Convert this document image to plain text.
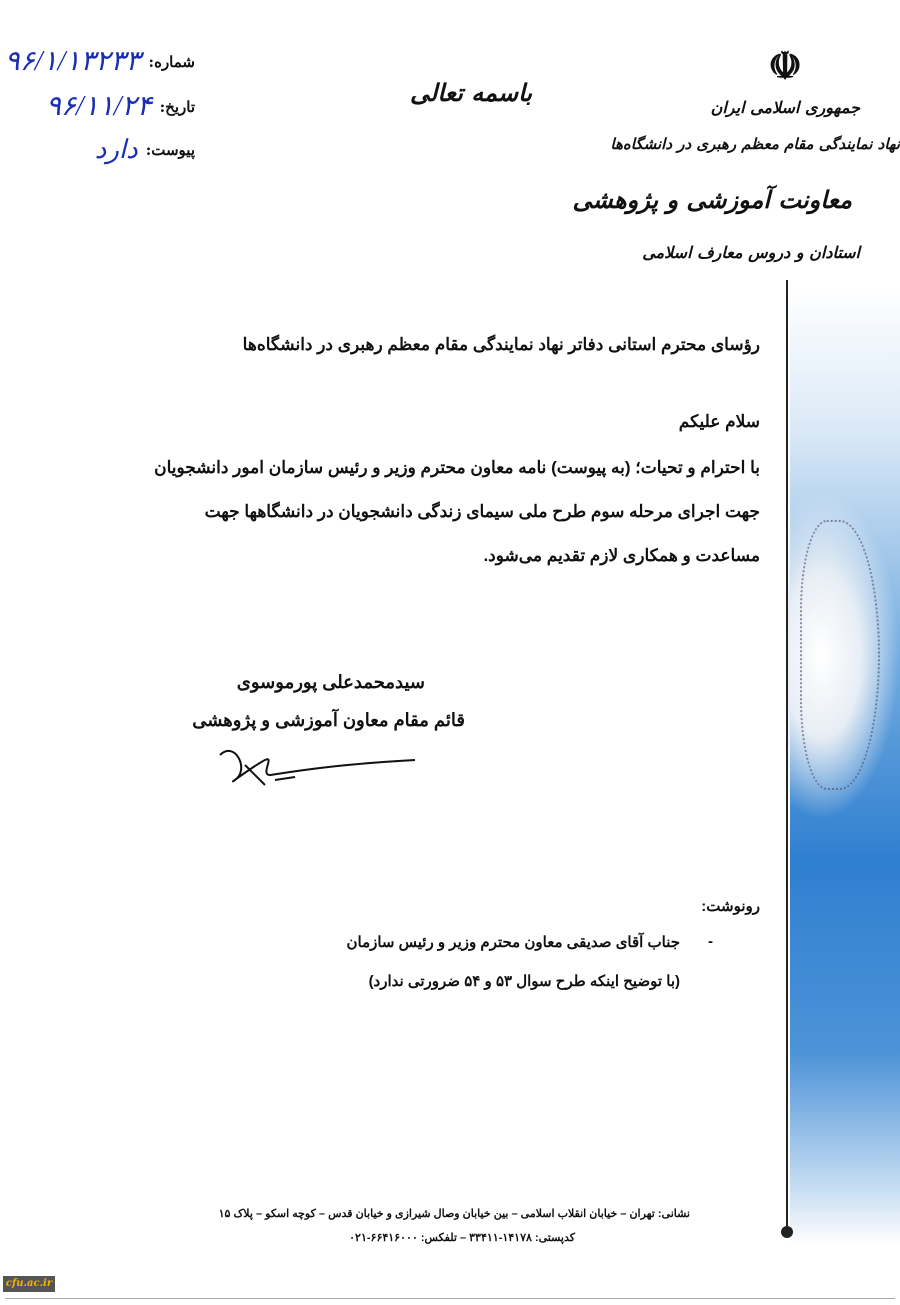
شماره:
۹۶/۱/۱۳۲۳۳
تاریخ:
۹۶/۱۱/۲۴
پیوست:
دارد
باسمه تعالی
☫
جمهوری اسلامی ایران
نهاد نمایندگی مقام معظم رهبری در دانشگاه‌ها
معاونت آموزشی و پژوهشی
استادان و دروس معارف اسلامی
رؤسای محترم استانی دفاتر نهاد نمایندگی مقام معظم رهبری در دانشگاه‌ها
سلام علیکم
با احترام و تحیات؛ (به پیوست) نامه معاون محترم وزیر و رئیس سازمان امور دانشجویان جهت اجرای مرحله سوم طرح ملی سیمای زندگی دانشجویان در دانشگاهها جهت مساعدت و همکاری لازم تقدیم می‌شود.
سیدمحمدعلی پورموسوی
قائم مقام معاون آموزشی و پژوهشی
رونوشت:
-
جناب آقای صدیقی معاون محترم وزیر و رئیس سازمان
(با توضیح اینکه طرح سوال ۵۳ و ۵۴ ضرورتی ندارد)
نشانی: تهران – خیابان انقلاب اسلامی – بین خیابان وصال شیرازی و خیابان قدس – کوچه اسکو – پلاک ۱۵
کدپستی: ۱۴۱۷۸-۳۳۴۱۱ – تلفکس: ۶۶۴۱۶۰۰۰-۰۲۱
cfu.ac.ir
